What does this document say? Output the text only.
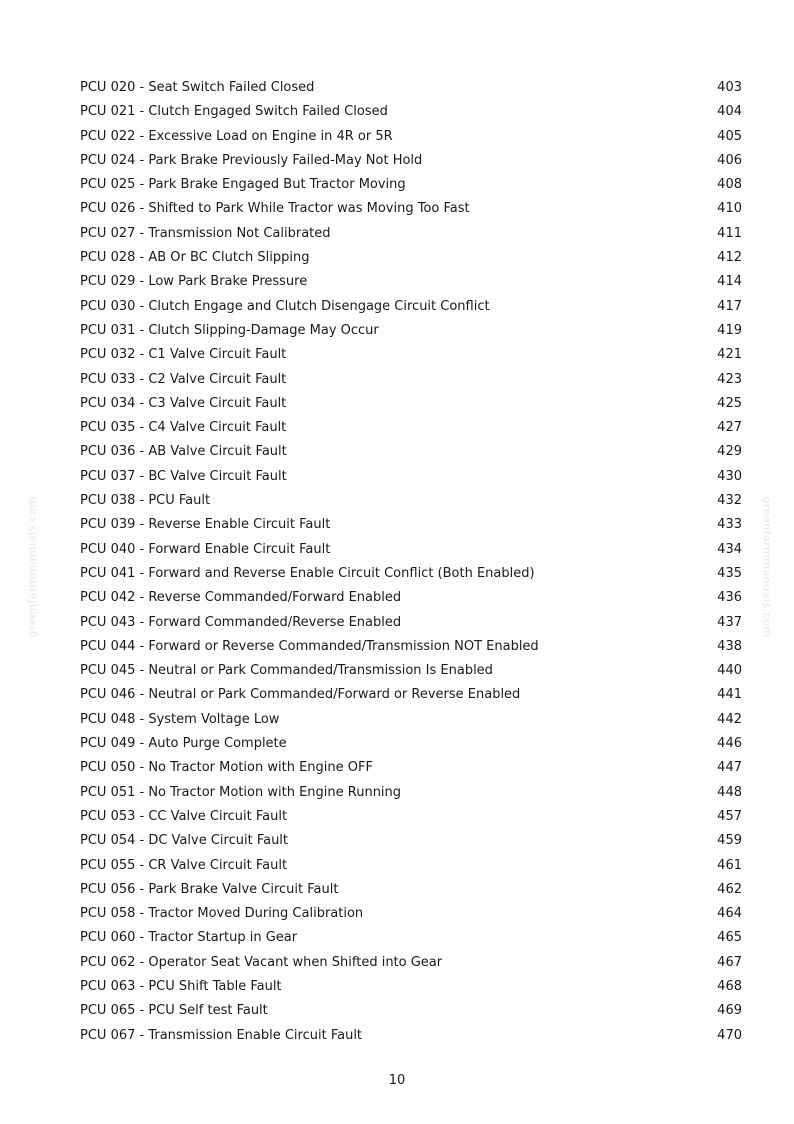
PCU 020 - Seat Switch Failed Closed	403
PCU 021 - Clutch Engaged Switch Failed Closed	404
PCU 022 - Excessive Load on Engine in 4R or 5R	405
PCU 024 - Park Brake Previously Failed-May Not Hold	406
PCU 025 - Park Brake Engaged But Tractor Moving	408
PCU 026 - Shifted to Park While Tractor was Moving Too Fast	410
PCU 027 - Transmission Not Calibrated	411
PCU 028 - AB Or BC Clutch Slipping	412
PCU 029 - Low Park Brake Pressure	414
PCU 030 - Clutch Engage and Clutch Disengage Circuit Conflict	417
PCU 031 - Clutch Slipping-Damage May Occur	419
PCU 032 - C1 Valve Circuit Fault	421
PCU 033 - C2 Valve Circuit Fault	423
PCU 034 - C3 Valve Circuit Fault	425
PCU 035 - C4 Valve Circuit Fault	427
PCU 036 - AB Valve Circuit Fault	429
PCU 037 - BC Valve Circuit Fault	430
PCU 038 - PCU Fault	432
PCU 039 - Reverse Enable Circuit Fault	433
PCU 040 - Forward Enable Circuit Fault	434
PCU 041 - Forward and Reverse Enable Circuit Conflict (Both Enabled)	435
PCU 042 - Reverse Commanded/Forward Enabled	436
PCU 043 - Forward Commanded/Reverse Enabled	437
PCU 044 - Forward or Reverse Commanded/Transmission NOT Enabled	438
PCU 045 - Neutral or Park Commanded/Transmission Is Enabled	440
PCU 046 - Neutral or Park Commanded/Forward or Reverse Enabled	441
PCU 048 - System Voltage Low	442
PCU 049 - Auto Purge Complete	446
PCU 050 - No Tractor Motion with Engine OFF	447
PCU 051 - No Tractor Motion with Engine Running	448
PCU 053 - CC Valve Circuit Fault	457
PCU 054 - DC Valve Circuit Fault	459
PCU 055 - CR Valve Circuit Fault	461
PCU 056 - Park Brake Valve Circuit Fault	462
PCU 058 - Tractor Moved During Calibration	464
PCU 060 - Tractor Startup in Gear	465
PCU 062 - Operator Seat Vacant when Shifted into Gear	467
PCU 063 - PCU Shift Table Fault	468
PCU 065 - PCU Self test Fault	469
PCU 067 - Transmission Enable Circuit Fault	470
greenfarmmanuals.com	greenfarmmanuals.com
10
